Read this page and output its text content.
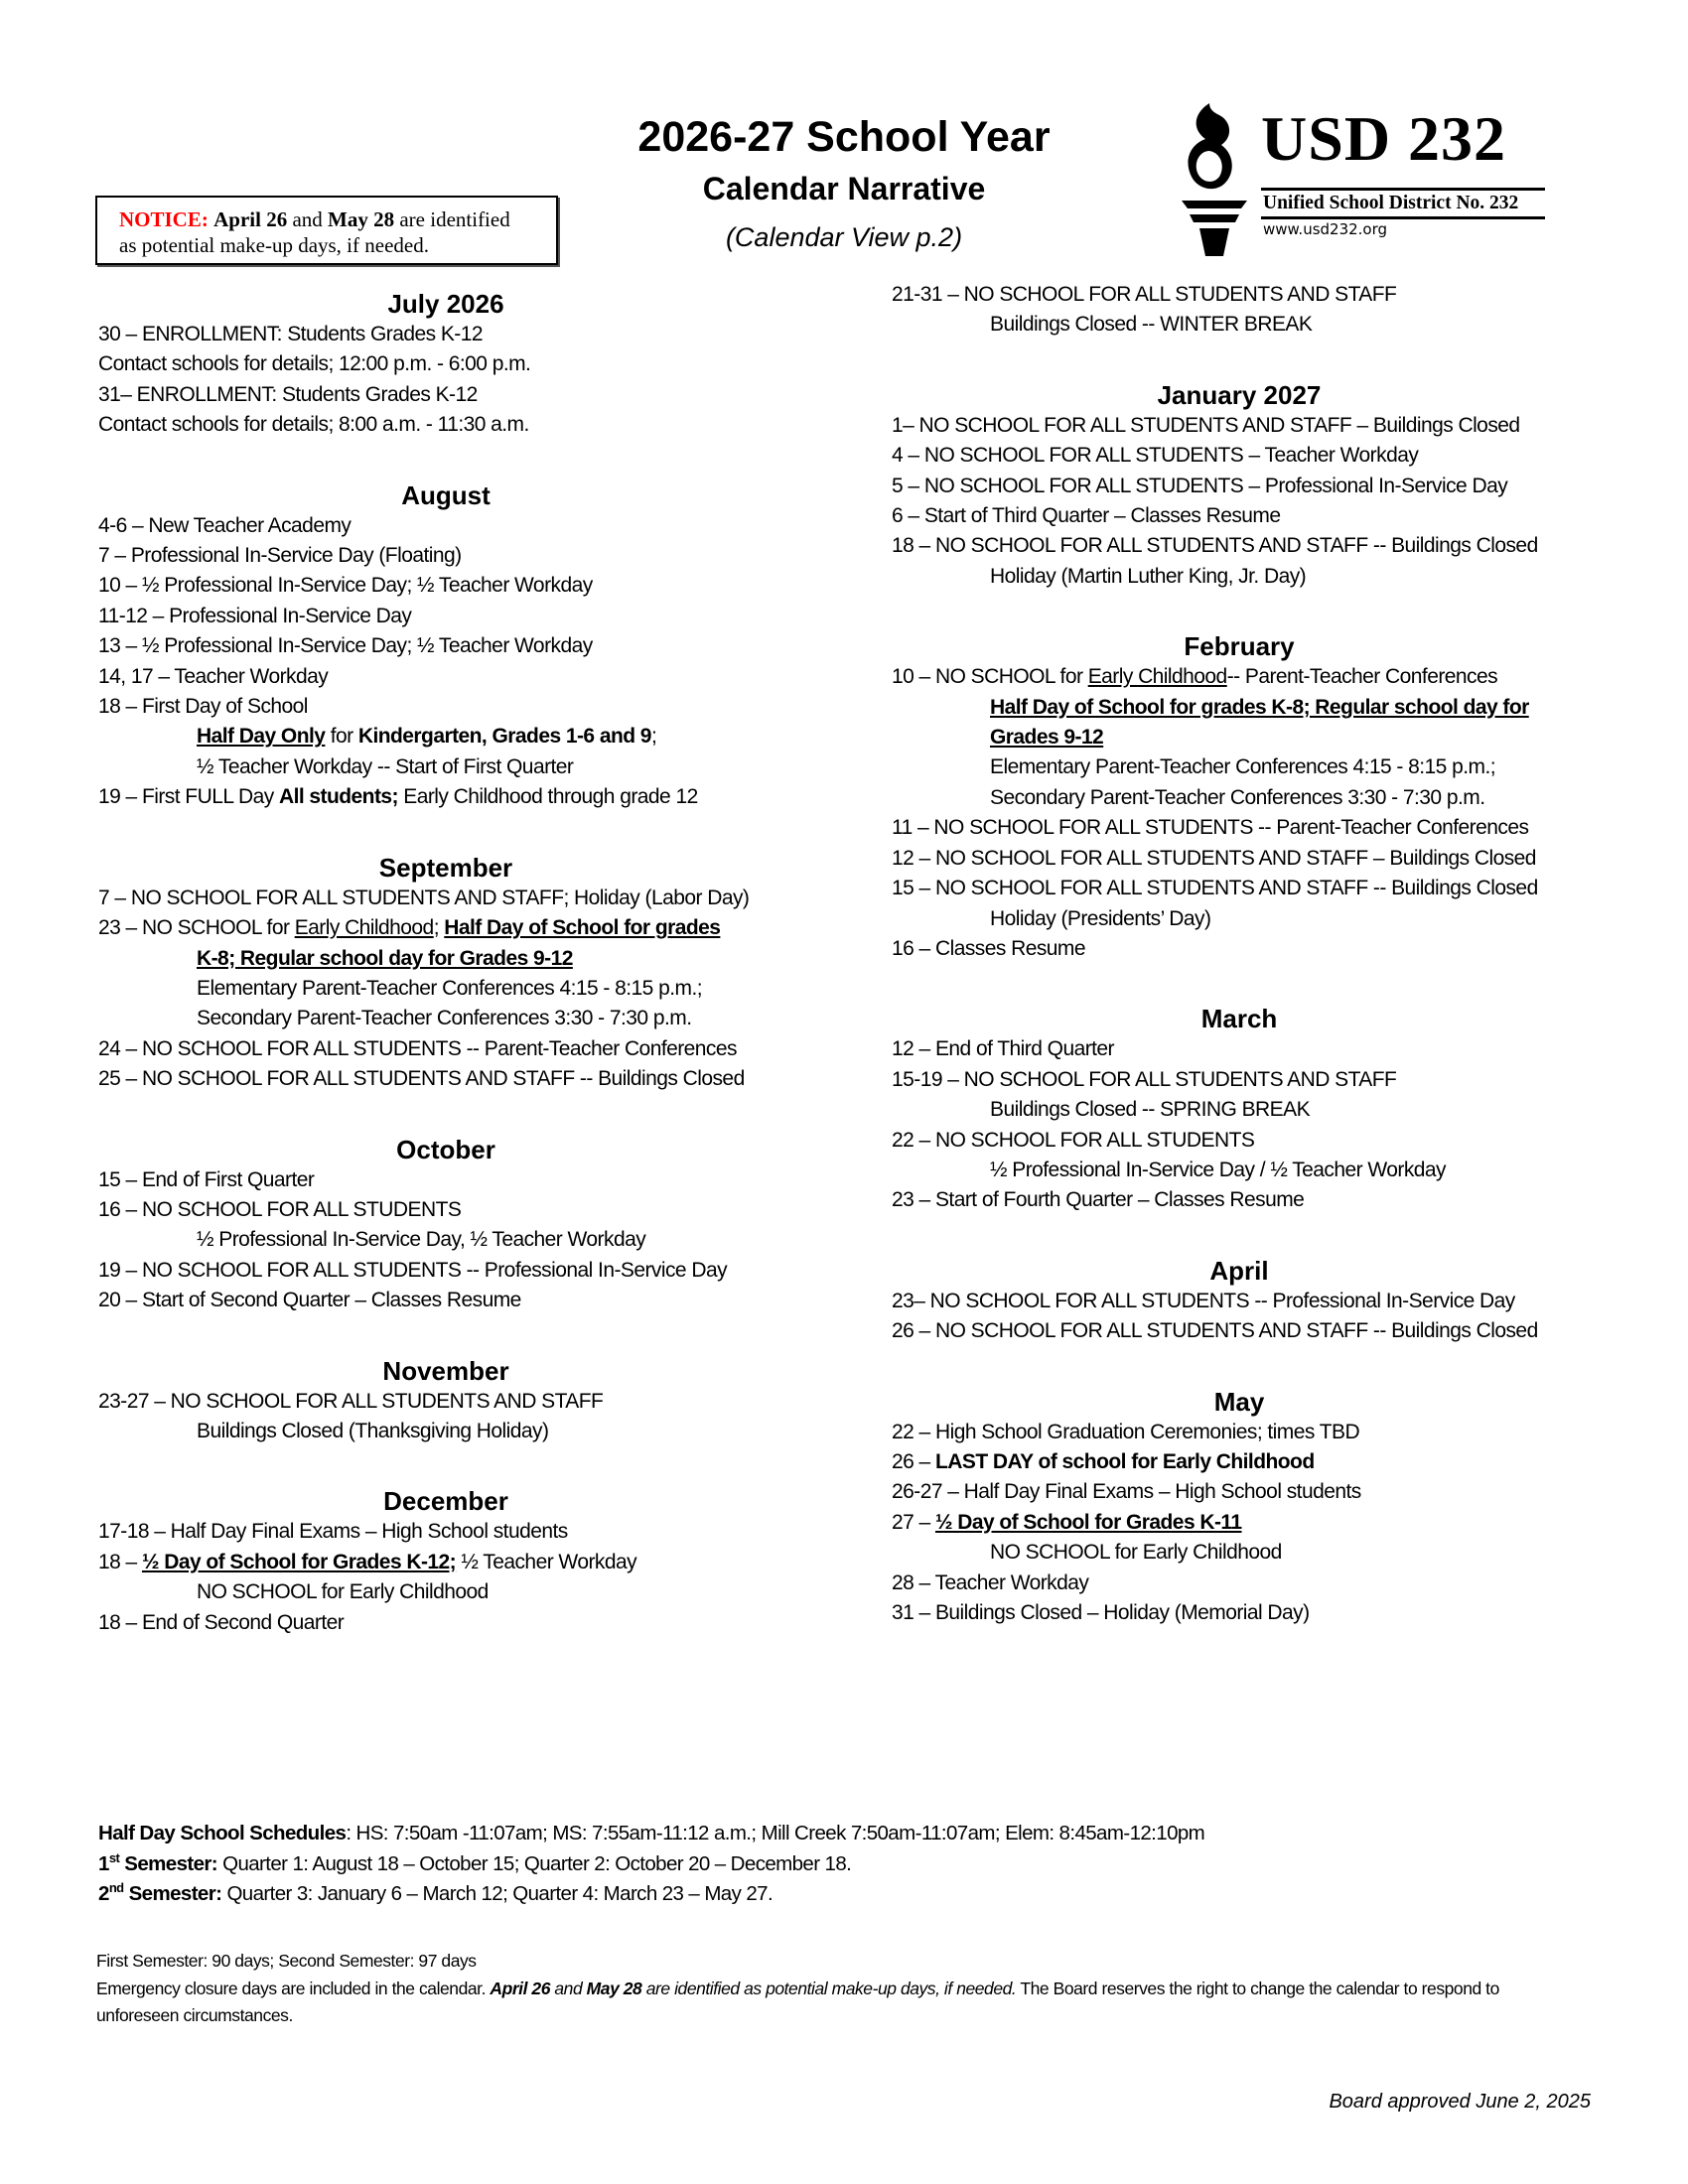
NOTICE: April 26 and May 28 are identified
as potential make-up days, if needed.
2026-27 School Year
Calendar Narrative
(Calendar View p.2)
USD 232
Unified School District No. 232
www.usd232.org
July 2026
30 – ENROLLMENT: Students Grades K-12
Contact schools for details; 12:00 p.m. - 6:00 p.m.
31– ENROLLMENT: Students Grades K-12
Contact schools for details; 8:00 a.m. - 11:30 a.m.
August
4-6 – New Teacher Academy
7 – Professional In-Service Day (Floating)
10 – ½ Professional In-Service Day; ½ Teacher Workday
11-12 – Professional In-Service Day
13 – ½ Professional In-Service Day; ½ Teacher Workday
14, 17 – Teacher Workday
18 – First Day of School
Half Day Only for Kindergarten, Grades 1-6 and 9;
½ Teacher Workday -- Start of First Quarter
19 – First FULL Day All students; Early Childhood through grade 12
September
7 – NO SCHOOL FOR ALL STUDENTS AND STAFF; Holiday (Labor Day)
23 – NO SCHOOL for Early Childhood; Half Day of School for grades
K-8; Regular school day for Grades 9-12
Elementary Parent-Teacher Conferences 4:15 - 8:15 p.m.;
Secondary Parent-Teacher Conferences 3:30 - 7:30 p.m.
24 – NO SCHOOL FOR ALL STUDENTS -- Parent-Teacher Conferences
25 – NO SCHOOL FOR ALL STUDENTS AND STAFF -- Buildings Closed
October
15 – End of First Quarter
16 – NO SCHOOL FOR ALL STUDENTS
½ Professional In-Service Day, ½ Teacher Workday
19 – NO SCHOOL FOR ALL STUDENTS -- Professional In-Service Day
20 – Start of Second Quarter – Classes Resume
November
23-27 – NO SCHOOL FOR ALL STUDENTS AND STAFF
Buildings Closed (Thanksgiving Holiday)
December
17-18 – Half Day Final Exams – High School students
18 – ½ Day of School for Grades K-12; ½ Teacher Workday
NO SCHOOL for Early Childhood
18 – End of Second Quarter
21-31 – NO SCHOOL FOR ALL STUDENTS AND STAFF
Buildings Closed -- WINTER BREAK
January 2027
1– NO SCHOOL FOR ALL STUDENTS AND STAFF – Buildings Closed
4 – NO SCHOOL FOR ALL STUDENTS – Teacher Workday
5 – NO SCHOOL FOR ALL STUDENTS – Professional In-Service Day
6 – Start of Third Quarter – Classes Resume
18 – NO SCHOOL FOR ALL STUDENTS AND STAFF -- Buildings Closed
Holiday (Martin Luther King, Jr. Day)
February
10 – NO SCHOOL for Early Childhood-- Parent-Teacher Conferences
Half Day of School for grades K-8; Regular school day for
Grades 9-12
Elementary Parent-Teacher Conferences 4:15 - 8:15 p.m.;
Secondary Parent-Teacher Conferences 3:30 - 7:30 p.m.
11 – NO SCHOOL FOR ALL STUDENTS -- Parent-Teacher Conferences
12 – NO SCHOOL FOR ALL STUDENTS AND STAFF – Buildings Closed
15 – NO SCHOOL FOR ALL STUDENTS AND STAFF -- Buildings Closed
Holiday (Presidents’ Day)
16 – Classes Resume
March
12 – End of Third Quarter
15-19 – NO SCHOOL FOR ALL STUDENTS AND STAFF
Buildings Closed -- SPRING BREAK
22 – NO SCHOOL FOR ALL STUDENTS
½ Professional In-Service Day / ½ Teacher Workday
23 – Start of Fourth Quarter – Classes Resume
April
23– NO SCHOOL FOR ALL STUDENTS -- Professional In-Service Day
26 – NO SCHOOL FOR ALL STUDENTS AND STAFF -- Buildings Closed
May
22 – High School Graduation Ceremonies; times TBD
26 – LAST DAY of school for Early Childhood
26-27 – Half Day Final Exams – High School students
27 – ½ Day of School for Grades K-11
NO SCHOOL for Early Childhood
28 – Teacher Workday
31 – Buildings Closed – Holiday (Memorial Day)
Half Day School Schedules: HS: 7:50am -11:07am; MS: 7:55am-11:12 a.m.; Mill Creek 7:50am-11:07am; Elem: 8:45am-12:10pm
1st Semester: Quarter 1: August 18 – October 15; Quarter 2: October 20 – December 18.
2nd Semester: Quarter 3: January 6 – March 12; Quarter 4: March 23 – May 27.
First Semester: 90 days; Second Semester: 97 days
Emergency closure days are included in the calendar. April 26 and May 28 are identified as potential make-up days, if needed. The Board reserves the right to change the calendar to respond to unforeseen circumstances.
Board approved June 2, 2025
